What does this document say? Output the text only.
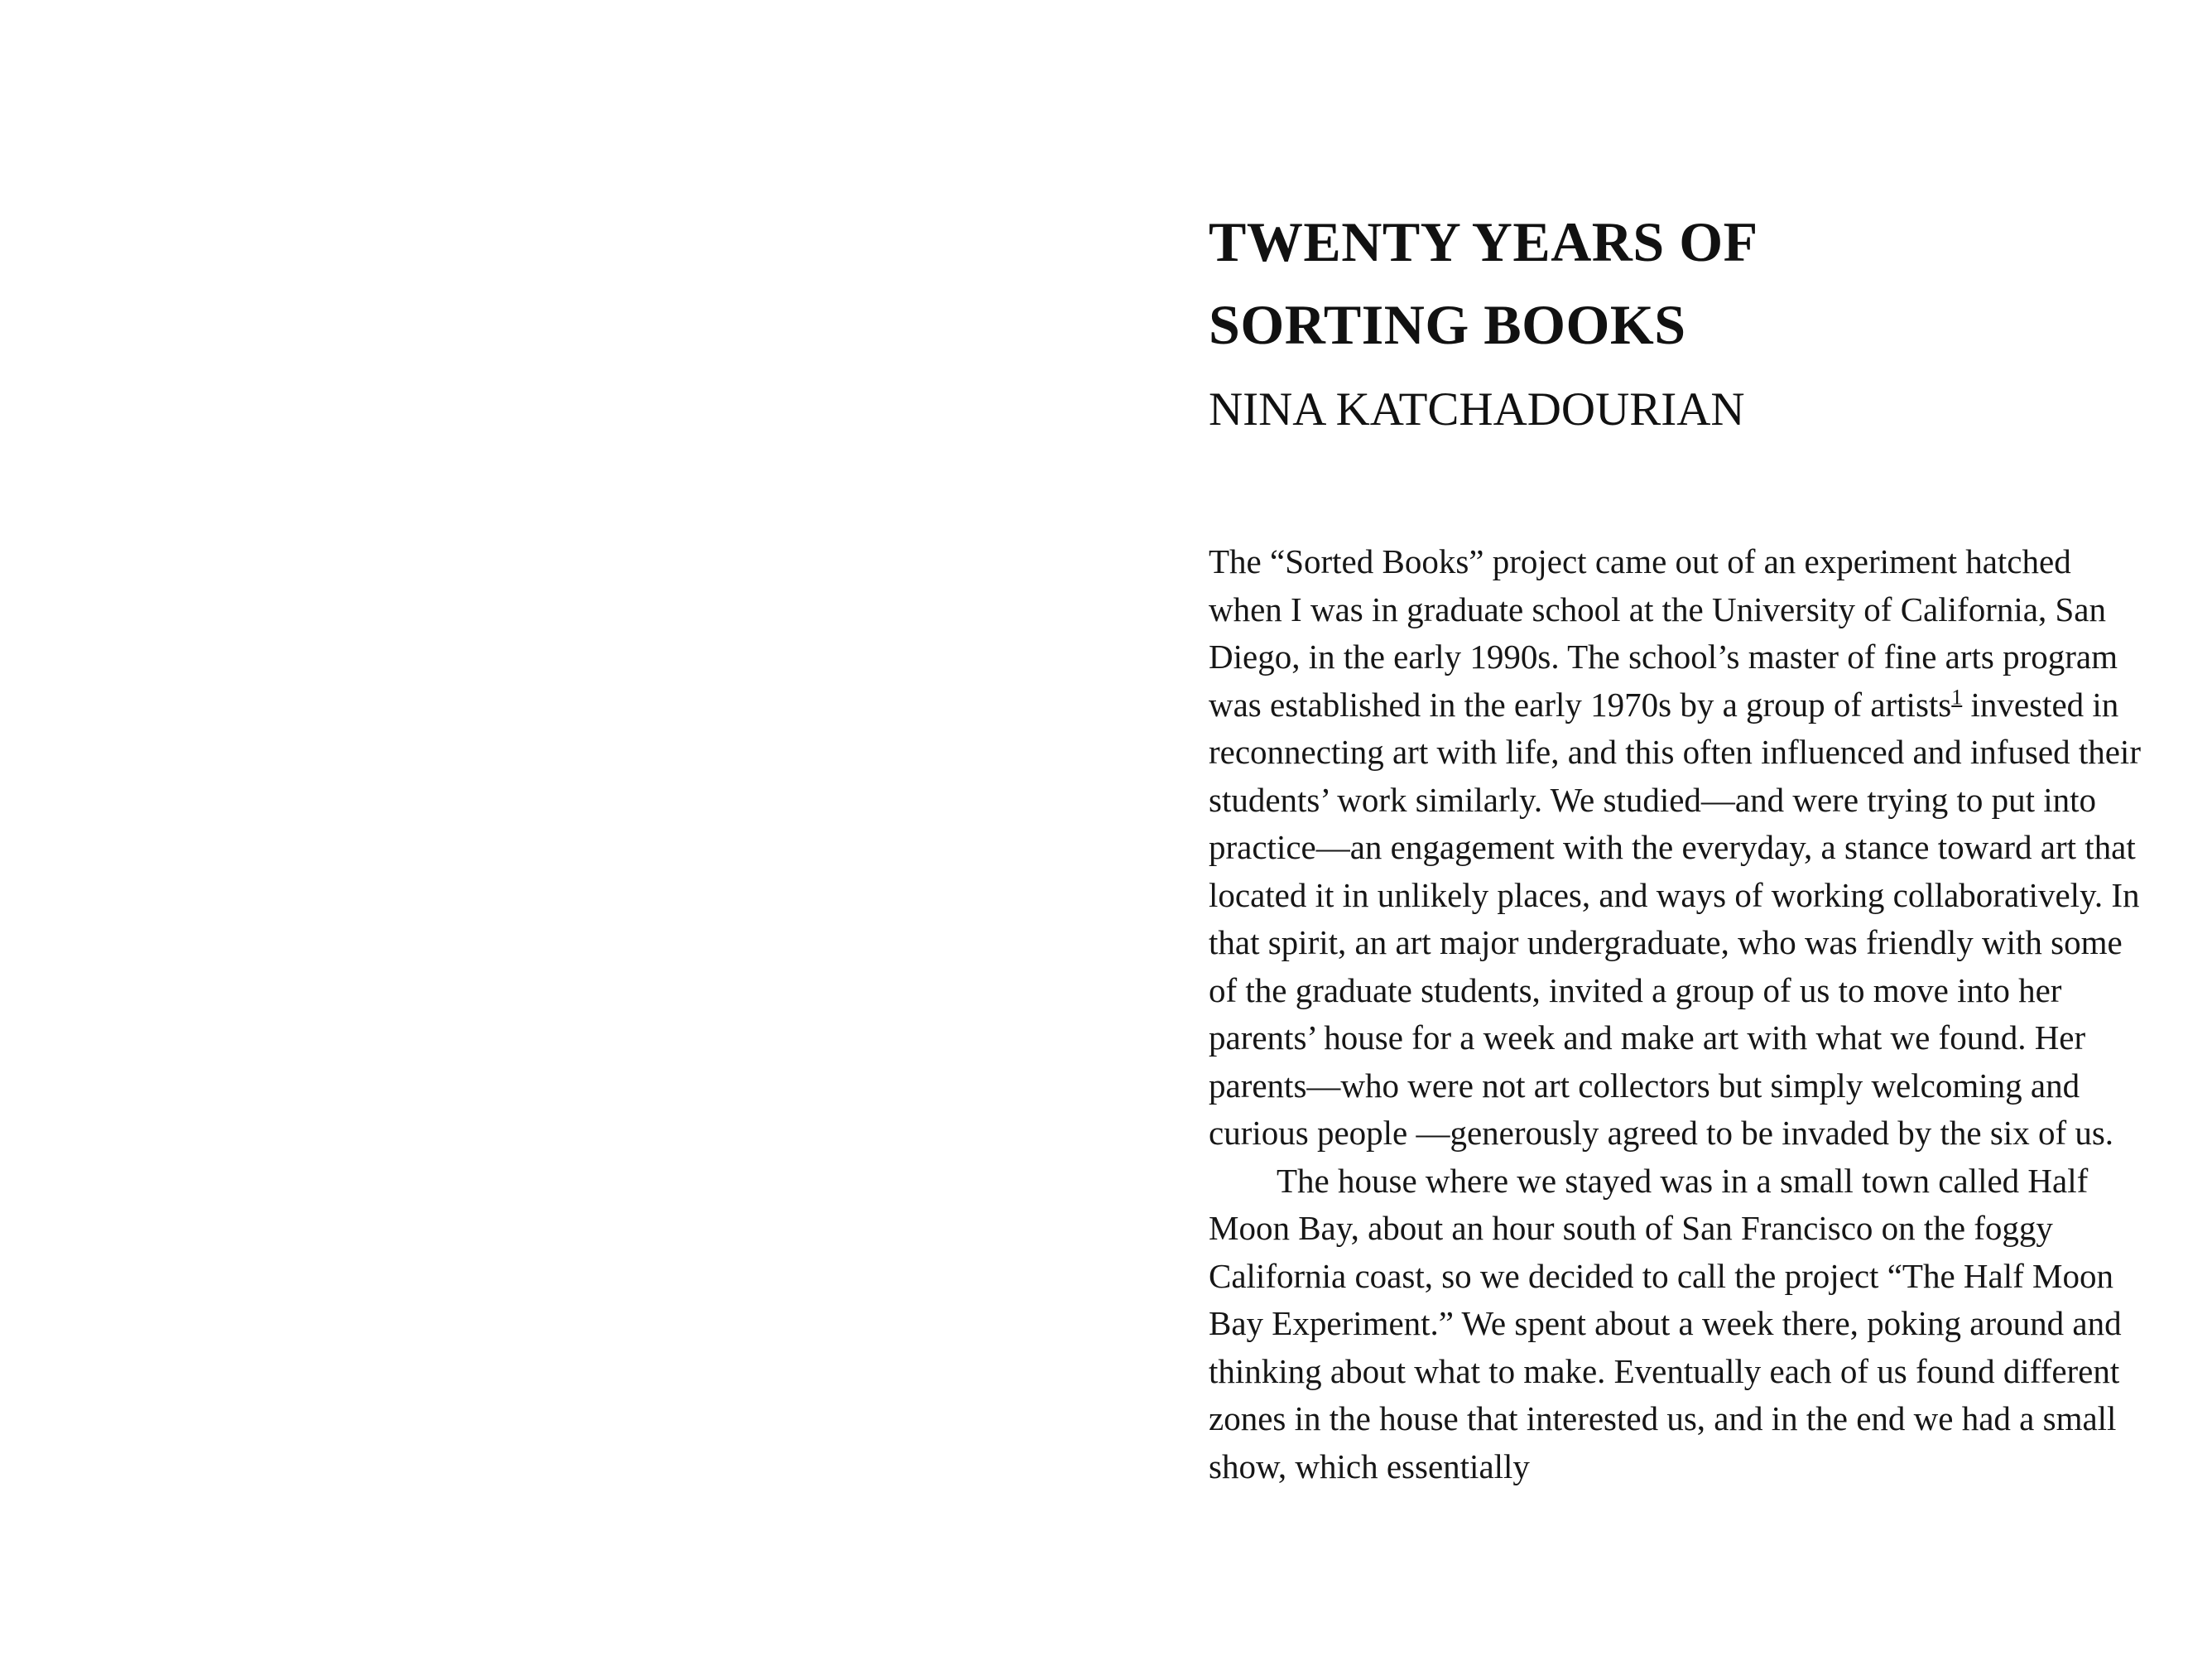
TWENTY YEARS OF
SORTING BOOKS
NINA KATCHADOURIAN

The “Sorted Books” project came out of an experiment hatched when I was in graduate school at the University of California, San Diego, in the early 1990s. The school’s master of fine arts program was established in the early 1970s by a group of artists$^1$ invested in reconnecting art with life, and this often influenced and infused their students’ work similarly. We studied—and were trying to put into practice—an engagement with the everyday, a stance toward art that located it in unlikely places, and ways of working collaboratively. In that spirit, an art major undergraduate, who was friendly with some of the graduate students, invited a group of us to move into her parents’ house for a week and make art with what we found. Her parents—who were not art collectors but simply welcoming and curious people —generously agreed to be invaded by the six of us.

The house where we stayed was in a small town called Half Moon Bay, about an hour south of San Francisco on the foggy California coast, so we decided to call the project “The Half Moon Bay Experiment.” We spent about a week there, poking around and thinking about what to make. Eventually each of us found different zones in the house that interested us, and in the end we had a small show, which essentially
